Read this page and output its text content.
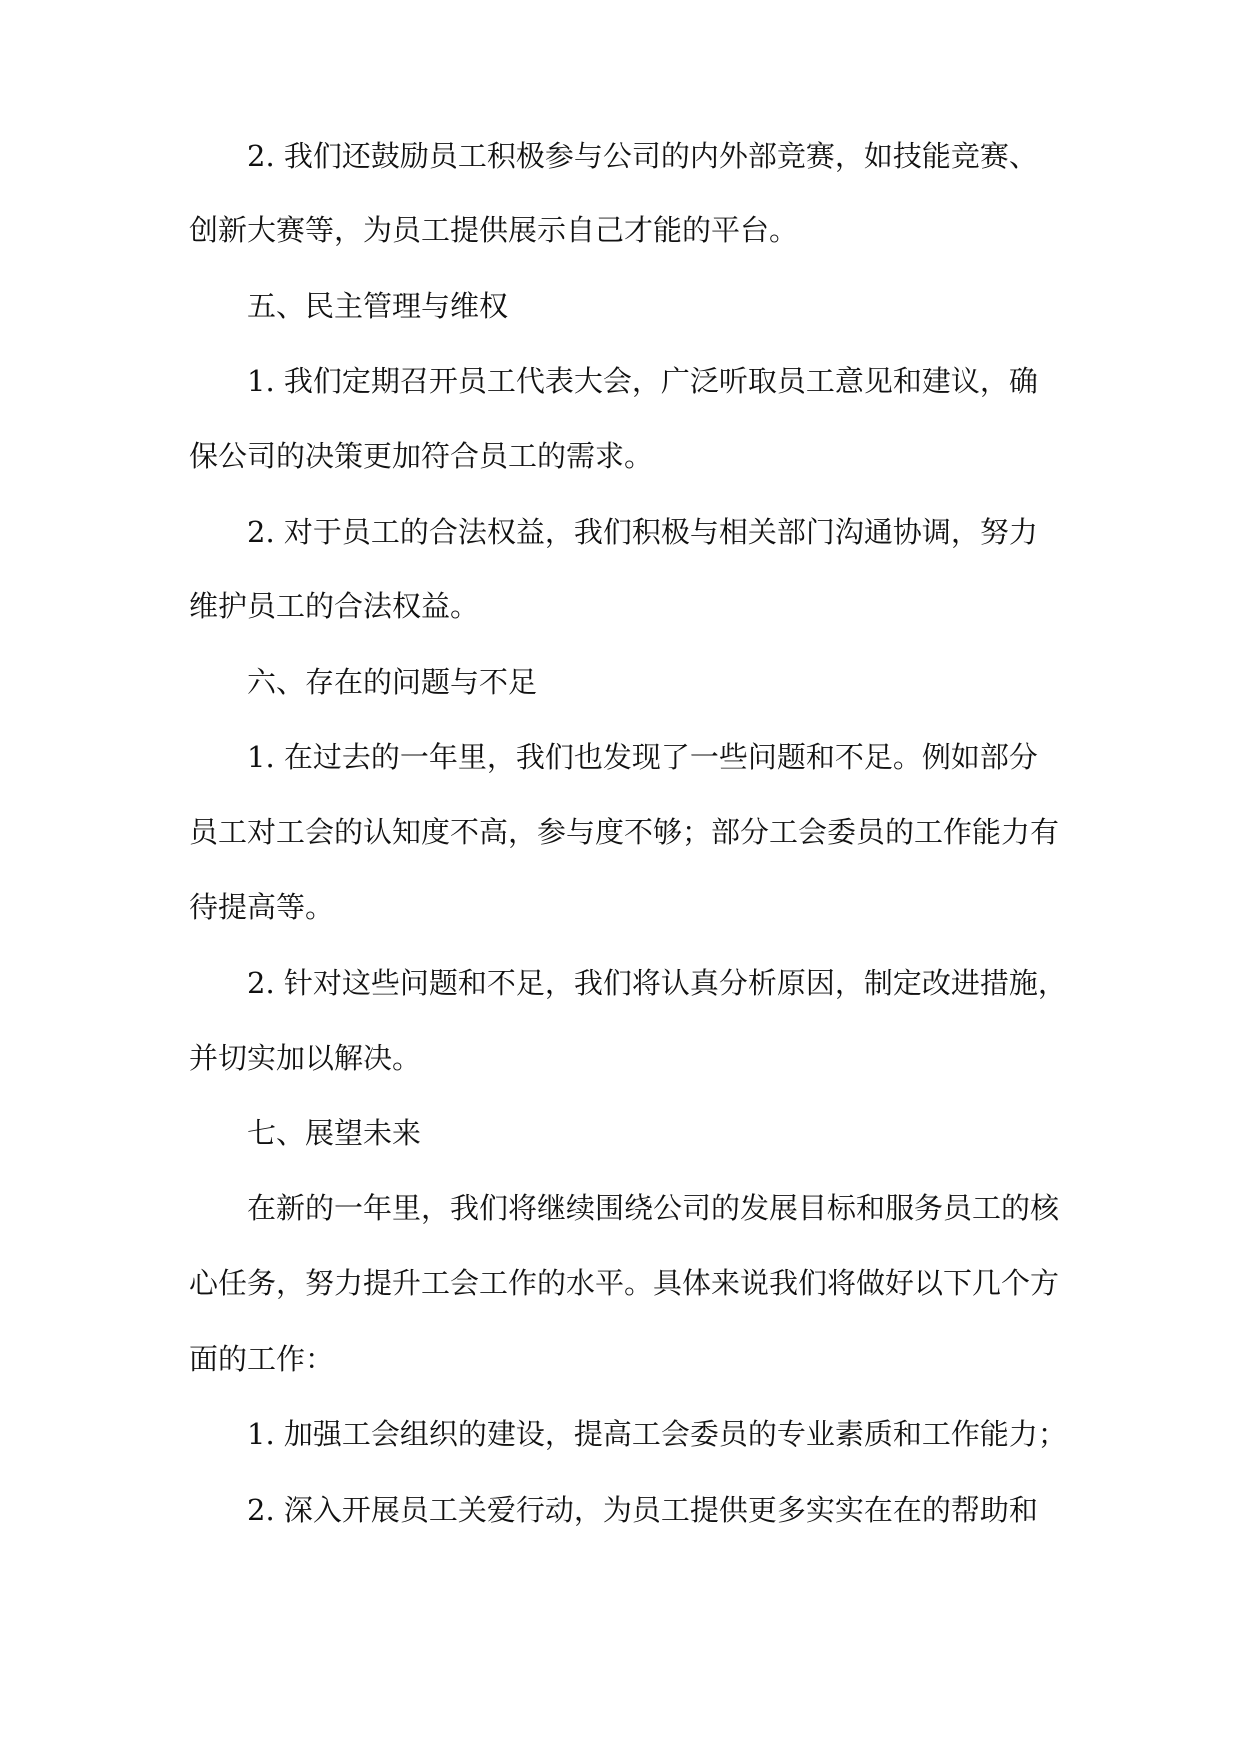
2. 我们还鼓励员工积极参与公司的内外部竞赛，如技能竞赛、
创新大赛等，为员工提供展示自己才能的平台。
五、民主管理与维权
1. 我们定期召开员工代表大会，广泛听取员工意见和建议，确
保公司的决策更加符合员工的需求。
2. 对于员工的合法权益，我们积极与相关部门沟通协调，努力
维护员工的合法权益。
六、存在的问题与不足
1. 在过去的一年里，我们也发现了一些问题和不足。例如部分
员工对工会的认知度不高，参与度不够；部分工会委员的工作能力有
待提高等。
2. 针对这些问题和不足，我们将认真分析原因，制定改进措施，
并切实加以解决。
七、展望未来
在新的一年里，我们将继续围绕公司的发展目标和服务员工的核
心任务，努力提升工会工作的水平。具体来说我们将做好以下几个方
面的工作：
1. 加强工会组织的建设，提高工会委员的专业素质和工作能力；
2. 深入开展员工关爱行动，为员工提供更多实实在在的帮助和
